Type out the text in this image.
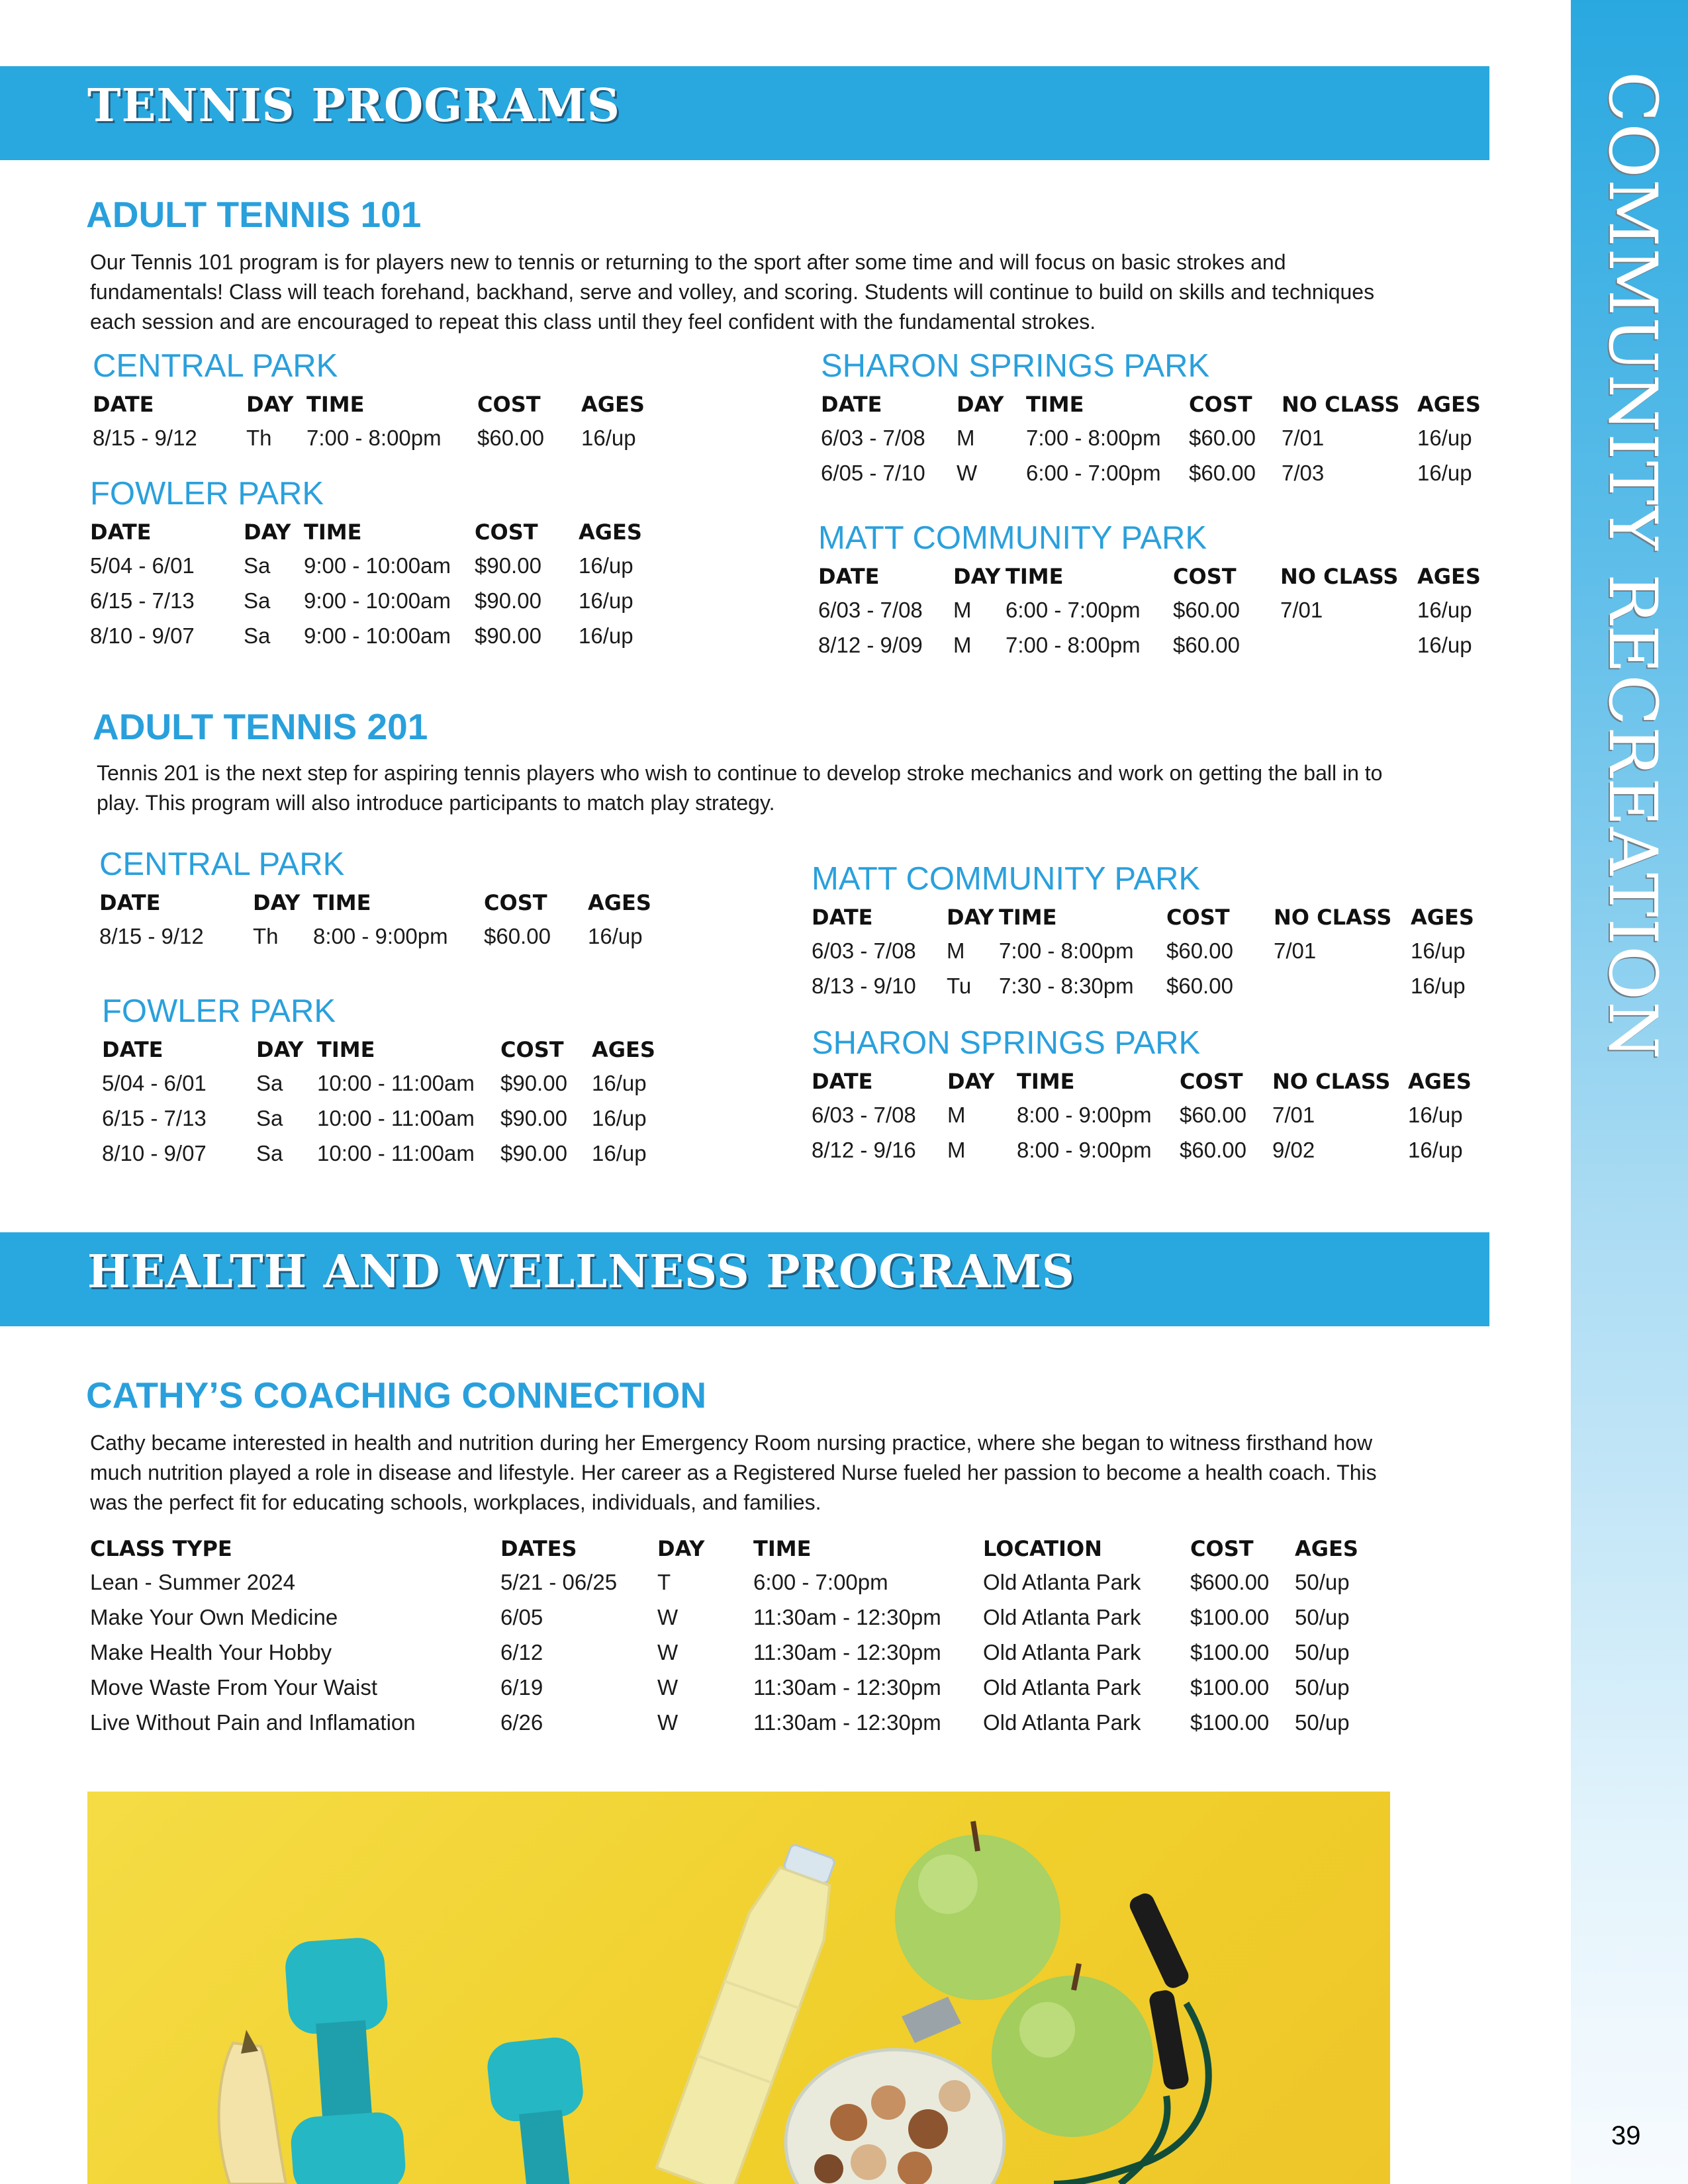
COMMUNITY RECREATION
39
TENNIS PROGRAMS
ADULT TENNIS 101
Our Tennis 101 program is for players new to tennis or returning to the sport after some time and will focus on basic strokes and fundamentals! Class will teach forehand, backhand, serve and volley, and scoring. Students will continue to build on skills and techniques each session and are encouraged to repeat this class until they feel confident with the fundamental strokes.
CENTRAL PARK
DATE	DAY	TIME	COST	AGES
8/15 - 9/12	Th	7:00 - 8:00pm	$60.00	16/up
FOWLER PARK
DATE	DAY	TIME	COST	AGES
5/04 - 6/01	Sa	9:00 - 10:00am	$90.00	16/up
6/15 - 7/13	Sa	9:00 - 10:00am	$90.00	16/up
8/10 - 9/07	Sa	9:00 - 10:00am	$90.00	16/up
SHARON SPRINGS PARK
DATE	DAY	TIME	COST	NO CLASS	AGES
6/03 - 7/08	M	7:00 - 8:00pm	$60.00	7/01	16/up
6/05 - 7/10	W	6:00 - 7:00pm	$60.00	7/03	16/up
MATT COMMUNITY PARK
DATE	DAY	TIME	COST	NO CLASS	AGES
6/03 - 7/08	M	6:00 - 7:00pm	$60.00	7/01	16/up
8/12 - 9/09	M	7:00 - 8:00pm	$60.00		16/up
ADULT TENNIS 201
Tennis 201 is the next step for aspiring tennis players who wish to continue to develop stroke mechanics and work on getting the ball in to play. This program will also introduce participants to match play strategy.
CENTRAL PARK
DATE	DAY	TIME	COST	AGES
8/15 - 9/12	Th	8:00 - 9:00pm	$60.00	16/up
FOWLER PARK
DATE	DAY	TIME	COST	AGES
5/04 - 6/01	Sa	10:00 - 11:00am	$90.00	16/up
6/15 - 7/13	Sa	10:00 - 11:00am	$90.00	16/up
8/10 - 9/07	Sa	10:00 - 11:00am	$90.00	16/up
MATT COMMUNITY PARK
DATE	DAY	TIME	COST	NO CLASS	AGES
6/03 - 7/08	M	7:00 - 8:00pm	$60.00	7/01	16/up
8/13 - 9/10	Tu	7:30 - 8:30pm	$60.00		16/up
SHARON SPRINGS PARK
DATE	DAY	TIME	COST	NO CLASS	AGES
6/03 - 7/08	M	8:00 - 9:00pm	$60.00	7/01	16/up
8/12 - 9/16	M	8:00 - 9:00pm	$60.00	9/02	16/up
HEALTH AND WELLNESS PROGRAMS
CATHY’S COACHING CONNECTION
Cathy became interested in health and nutrition during her Emergency Room nursing practice, where she began to witness firsthand how much nutrition played a role in disease and lifestyle. Her career as a Registered Nurse fueled her passion to become a health coach. This was the perfect fit for educating schools, workplaces, individuals, and families.
CLASS TYPE	DATES	DAY	TIME	LOCATION	COST	AGES
Lean - Summer 2024	5/21 - 06/25	T	6:00 - 7:00pm	Old Atlanta Park	$600.00	50/up
Make Your Own Medicine	6/05	W	11:30am - 12:30pm	Old Atlanta Park	$100.00	50/up
Make Health Your Hobby	6/12	W	11:30am - 12:30pm	Old Atlanta Park	$100.00	50/up
Move Waste From Your Waist	6/19	W	11:30am - 12:30pm	Old Atlanta Park	$100.00	50/up
Live Without Pain and Inflamation	6/26	W	11:30am - 12:30pm	Old Atlanta Park	$100.00	50/up
